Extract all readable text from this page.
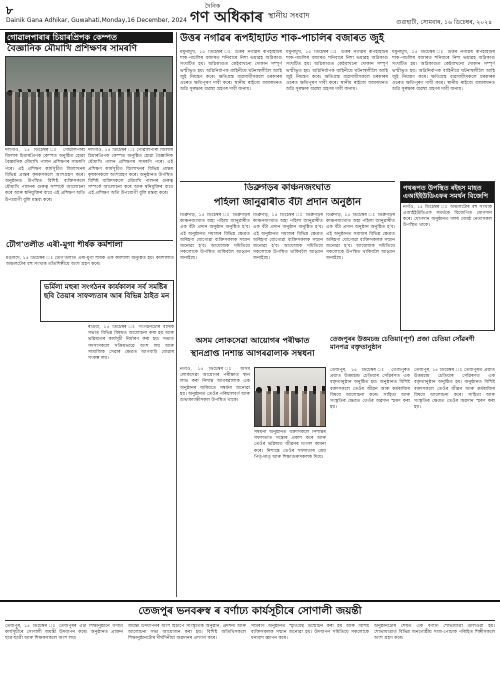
৮
Dainik Gana Adhikar, Guwahati,Monday,16 December, 2024
দৈনিক
গণ অধিকাৰ স্থানীয় সংবাদ
গুৱাহাটী, সোমবাৰ, ১৬ ডিচেম্বৰ, ২০২৪
গোৱালপাৰাৰ চিয়াৰপ্ৰিপক কেম্পত
বৈজ্ঞানিক মৌমাখি প্ৰশিক্ষণৰ সামৰণি
দলগাঁও, ১৫ ডিচেম্বৰ ঃ গোৱালপাৰা জিলাৰ চিয়াৰপ্ৰিপক কেম্পত অনুষ্ঠিত হোৱা বৈজ্ঞানিক মৌমাখি পালন প্ৰশিক্ষণৰ সামৰণি পৰে। এই প্ৰশিক্ষণ কাৰ্যসূচীত জিলাখনৰ বিভিন্ন প্ৰান্তৰ কৃষকসকলে অংশগ্ৰহণ কৰে। অনুষ্ঠানত উপস্থিত বিশিষ্ট ব্যক্তিসকলে মৌমাখি পালনৰ গুৰুত্ব সম্পৰ্কে আলোচনা কৰে আৰু স্বনিযুক্তিৰ বাবে এই প্ৰশিক্ষণ অতি উপযোগী বুলি মন্তব্য কৰে।
দলগাঁও, ১৫ ডিচেম্বৰ ঃ গোৱালপাৰা জিলাৰ চিয়াৰপ্ৰিপক কেম্পত অনুষ্ঠিত হোৱা বৈজ্ঞানিক মৌমাখি পালন প্ৰশিক্ষণৰ সামৰণি পৰে। এই প্ৰশিক্ষণ কাৰ্যসূচীত জিলাখনৰ বিভিন্ন প্ৰান্তৰ কৃষকসকলে অংশগ্ৰহণ কৰে। অনুষ্ঠানত উপস্থিত বিশিষ্ট ব্যক্তিসকলে মৌমাখি পালনৰ গুৰুত্ব সম্পৰ্কে আলোচনা কৰে আৰু স্বনিযুক্তিৰ বাবে এই প্ৰশিক্ষণ অতি উপযোগী বুলি মন্তব্য কৰে।
টৌগ'তলীত এৰী-মুগা শীৰ্ষক কৰ্মশালা
মঙলদৈ, ১৫ ডিচেম্বৰ ঃ টৌগ'তলীত এৰী-মুগা শীৰ্ষক এক কৰ্মশালা অনুষ্ঠিত হয়। কৰ্মশালাত অঞ্চলটোৰ বহু সংখ্যক তাঁতশিল্পীয়ে অংশ গ্ৰহণ কৰে।
ভৰ্মিলা মহুৰা সংগঠনৰ কাৰ্যকালৰ সৰ্ব সমষ্টিৰ ছবি তৈয়াৰ সাফল্যতাৰ আৰ বিভিন্ন ঠাইত মন
ৰঙিয়া, ১৫ ডিচেম্বৰ ঃ সংগঠনটোৰ বাৰ্ষিক সভাত বিভিন্ন বিষয়ত আলোচনা কৰা হয় আৰু ভৱিষ্যতৰ কাৰ্যসূচী নিৰ্ধাৰণ কৰা হয়। সভাত সদস্যসকলে সক্ৰিয়ভাৱে অংশ লয় আৰু সামাজিক সেৱাৰ ক্ষেত্ৰত আগবাঢ়ি যোৱাৰ সংকল্প লয়।
উত্তৰ নগাঁৱৰ ৰূপহীহাটত শাক-পাচলিৰ বজাৰত জুই
যমুনামুখ, ১৫ ডিচেম্বৰ ঃ উত্তৰ নগাঁৱৰ ৰূপহীহাটৰ শাক-পাচলিৰ বজাৰত শনিবাৰে নিশা ভয়াৱহ অগ্নিকাণ্ড সংঘটিত হয়। অগ্নিকাণ্ডত কেইবাখনো দোকান সম্পূৰ্ণ ভস্মীভূত হয়। অগ্নিনিৰ্বাপক বাহিনীয়ে ঘটনাস্থলীলৈ আহি জুই নিয়ন্ত্ৰণ কৰে। ক্ষতিগ্ৰস্ত ব্যৱসায়ীসকলে চৰকাৰৰ ওচৰত ক্ষতিপূৰণ দাবী কৰে। স্থানীয় ৰাইজে বজাৰখনত অগ্নি সুৰক্ষাৰ ব্যৱস্থা গ্ৰহণৰ দাবী জনায়।
যমুনামুখ, ১৫ ডিচেম্বৰ ঃ উত্তৰ নগাঁৱৰ ৰূপহীহাটৰ শাক-পাচলিৰ বজাৰত শনিবাৰে নিশা ভয়াৱহ অগ্নিকাণ্ড সংঘটিত হয়। অগ্নিকাণ্ডত কেইবাখনো দোকান সম্পূৰ্ণ ভস্মীভূত হয়। অগ্নিনিৰ্বাপক বাহিনীয়ে ঘটনাস্থলীলৈ আহি জুই নিয়ন্ত্ৰণ কৰে। ক্ষতিগ্ৰস্ত ব্যৱসায়ীসকলে চৰকাৰৰ ওচৰত ক্ষতিপূৰণ দাবী কৰে। স্থানীয় ৰাইজে বজাৰখনত অগ্নি সুৰক্ষাৰ ব্যৱস্থা গ্ৰহণৰ দাবী জনায়।
যমুনামুখ, ১৫ ডিচেম্বৰ ঃ উত্তৰ নগাঁৱৰ ৰূপহীহাটৰ শাক-পাচলিৰ বজাৰত শনিবাৰে নিশা ভয়াৱহ অগ্নিকাণ্ড সংঘটিত হয়। অগ্নিকাণ্ডত কেইবাখনো দোকান সম্পূৰ্ণ ভস্মীভূত হয়। অগ্নিনিৰ্বাপক বাহিনীয়ে ঘটনাস্থলীলৈ আহি জুই নিয়ন্ত্ৰণ কৰে। ক্ষতিগ্ৰস্ত ব্যৱসায়ীসকলে চৰকাৰৰ ওচৰত ক্ষতিপূৰণ দাবী কৰে। স্থানীয় ৰাইজে বজাৰখনত অগ্নি সুৰক্ষাৰ ব্যৱস্থা গ্ৰহণৰ দাবী জনায়।
ডিব্ৰুগড়ৰ কাঞ্চনজংঘাত
পহিলা জানুৱাৰীত বঁটা প্ৰদান অনুষ্ঠান
ডিব্ৰুগড়, ১৫ ডিচেম্বৰ ঃ ডিব্ৰুগড়ৰ কাঞ্চনজংঘাত অহা পহিলা জানুৱাৰীত এক বঁটা প্ৰদান অনুষ্ঠান অনুষ্ঠিত হ'ব। এই অনুষ্ঠানত সমাজৰ বিভিন্ন ক্ষেত্ৰত অৰিহণা যোগোৱা ব্যক্তিসকলক সন্মান জনোৱা হ'ব। আয়োজক সমিতিয়ে সকলোকে উপস্থিত থাকিবলৈ আহ্বান জনাইছে।
ডিব্ৰুগড়, ১৫ ডিচেম্বৰ ঃ ডিব্ৰুগড়ৰ কাঞ্চনজংঘাত অহা পহিলা জানুৱাৰীত এক বঁটা প্ৰদান অনুষ্ঠান অনুষ্ঠিত হ'ব। এই অনুষ্ঠানত সমাজৰ বিভিন্ন ক্ষেত্ৰত অৰিহণা যোগোৱা ব্যক্তিসকলক সন্মান জনোৱা হ'ব। আয়োজক সমিতিয়ে সকলোকে উপস্থিত থাকিবলৈ আহ্বান জনাইছে।
ডিব্ৰুগড়, ১৫ ডিচেম্বৰ ঃ ডিব্ৰুগড়ৰ কাঞ্চনজংঘাত অহা পহিলা জানুৱাৰীত এক বঁটা প্ৰদান অনুষ্ঠান অনুষ্ঠিত হ'ব। এই অনুষ্ঠানত সমাজৰ বিভিন্ন ক্ষেত্ৰত অৰিহণা যোগোৱা ব্যক্তিসকলক সন্মান জনোৱা হ'ব। আয়োজক সমিতিয়ে সকলোকে উপস্থিত থাকিবলৈ আহ্বান জনাইছে।
পথৰূপত উপস্থিত ৰইহস মাহত এআইইউডিএফৰ সমৰ্থন বিজেপি
নগাঁও, ১৫ ডিচেম্বৰ ঃ অঞ্চলটোৰ বহু সংখ্যক এআইইউডিএফ সমৰ্থকে বিজেপিত যোগদান কৰে। যোগদান অনুষ্ঠানত দলৰ জ্যেষ্ঠ নেতাসকল উপস্থিত থাকে।
তেজপুৰৰ উত্তমচন্দ্ৰ চেতিয়া(পূৰ্ণ) প্ৰজা চেতিয়া সোঁৱৰণী মানপত্ৰ বক্তৃতানুষ্ঠান
তেজপুৰ, ১৫ ডিচেম্বৰ ঃ তেজপুৰত প্ৰয়াত উত্তমচন্দ্ৰ চেতিয়াৰ সোঁৱৰণত এক বক্তৃতানুষ্ঠান অনুষ্ঠিত হয়। অনুষ্ঠানত বিশিষ্ট বক্তাসকলে তেওঁৰ জীৱন আৰু কৰ্মৰাজিৰ বিষয়ে আলোচনা কৰে। সাহিত্য আৰু সংস্কৃতিৰ ক্ষেত্ৰত তেওঁৰ অৱদান স্মৰণ কৰা হয়।
তেজপুৰ, ১৫ ডিচেম্বৰ ঃ তেজপুৰত প্ৰয়াত উত্তমচন্দ্ৰ চেতিয়াৰ সোঁৱৰণত এক বক্তৃতানুষ্ঠান অনুষ্ঠিত হয়। অনুষ্ঠানত বিশিষ্ট বক্তাসকলে তেওঁৰ জীৱন আৰু কৰ্মৰাজিৰ বিষয়ে আলোচনা কৰে। সাহিত্য আৰু সংস্কৃতিৰ ক্ষেত্ৰত তেওঁৰ অৱদান স্মৰণ কৰা হয়।
অসম লোকসেৱা আয়োগৰ পৰীক্ষাত
স্থানপ্ৰাপ্ত নিশান্ত আগৰৱালাক সম্বৰ্ধনা
নগাঁও, ১৫ ডিচেম্বৰ ঃ অসম লোকসেৱা আয়োগৰ পৰীক্ষাত স্থান লাভ কৰা নিশান্ত আগৰৱালাক এক অনুষ্ঠানৰ জৰিয়তে সম্বৰ্ধনা জনোৱা হয়। অনুষ্ঠানত তেওঁৰ পৰিয়ালবৰ্গ আৰু শুভাকাংক্ষীসকল উপস্থিত থাকে।
সম্বৰ্ধনা অনুষ্ঠানত বক্তাসকলে নিশান্তৰ সফলতাত সন্তোষ প্ৰকাশ কৰে আৰু তেওঁৰ ভৱিষ্যত জীৱনৰ মংগল কামনা কৰে। নিশান্তে তেওঁৰ সফলতাৰ শ্ৰেয় পিতৃ-মাতৃ আৰু শিক্ষাগুৰুসকলক দিয়ে।
তেজপুৰ ভনবৰুস্ব ৰ বৰ্ণাঢ্য কাৰ্যসূচীৰে সোণালী জয়ন্তী
তেজপুৰ, ১৫ ডিচেম্বৰ ঃ তেজপুৰৰ এটা শিক্ষানুষ্ঠানে বৰ্ণাঢ্য কাৰ্যসূচীৰে সোণালী জয়ন্তী উদযাপন কৰে। অনুষ্ঠানত প্ৰাক্তন ছাত্ৰ-ছাত্ৰী আৰু শিক্ষকসকলে অংশ লয়।
জয়ন্তী উদযাপনৰ অংশ হিচাপে সাংস্কৃতিক অনুষ্ঠান, প্ৰদৰ্শনী আৰু আলোচনা সভা আয়োজন কৰা হয়। বিশিষ্ট অতিথিসকলে শিক্ষানুষ্ঠানটোৰ দীৰ্ঘদিনীয়া অৱদানৰ প্ৰশংসা কৰে।
সামৰণি অনুষ্ঠানত স্মৃতিগ্ৰন্থ উন্মোচন কৰা হয় আৰু বিশিষ্ট ব্যক্তিসকলক সন্মান জনোৱা হয়। উদযাপন সমিতিয়ে সকলোকে ধন্যবাদ জ্ঞাপন কৰে।
অনুষ্ঠানটোৰ শেষত এক বৰ্ণাঢ্য শোভাযাত্ৰা উলিওৱা হয়। শোভাযাত্ৰাত বিভিন্ন জনগোষ্ঠীয় সাজ-পোচাক পৰিহিত শিল্পীসকলে অংশ গ্ৰহণ কৰে।
